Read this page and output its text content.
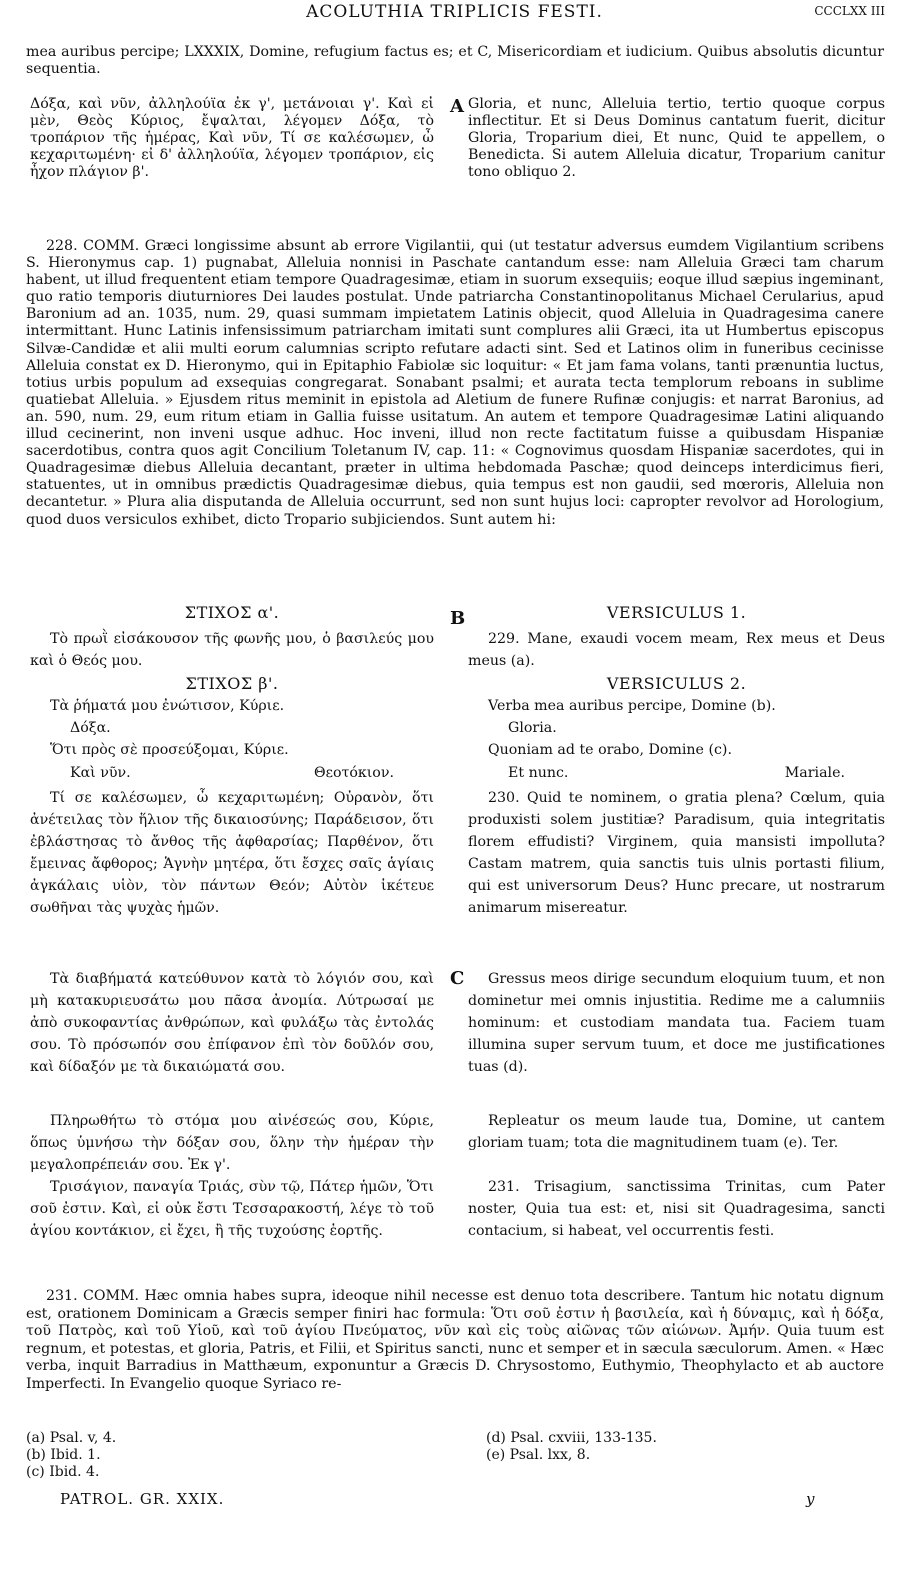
ACOLUTHIA TRIPLICIS FESTI.	CCCLXX III
mea auribus percipe; LXXXIX, Domine, refugium factus es; et C, Misericordiam et iudicium. Quibus absolutis dicuntur sequentia.
A
Δόξα, καὶ νῦν, ἀλληλούϊα ἐκ γ', μετάνοιαι γ'. Καὶ εἰ μὲν, Θεὸς Κύριος, ἔψαλται, λέγομεν Δόξα, τὸ τροπάριον τῆς ἡμέρας, Καὶ νῦν, Τί σε καλέσωμεν, ὦ κεχαριτωμένη· εἰ δ' ἀλληλούϊα, λέγομεν τροπάριον, εἰς ἦχον πλάγιον β'.
Gloria, et nunc, Alleluia tertio, tertio quoque corpus inflectitur. Et si Deus Dominus cantatum fuerit, dicitur Gloria, Troparium diei, Et nunc, Quid te appellem, o Benedicta. Si autem Alleluia dicatur, Troparium canitur tono obliquo 2.
228. COMM. Græci longissime absunt ab errore Vigilantii, qui (ut testatur adversus eumdem Vigilantium scribens S. Hieronymus cap. 1) pugnabat, Alleluia nonnisi in Paschate cantandum esse: nam Alleluia Græci tam charum habent, ut illud frequentent etiam tempore Quadragesimæ, etiam in suorum exsequiis; eoque illud sæpius ingeminant, quo ratio temporis diuturniores Dei laudes postulat. Unde patriarcha Constantinopolitanus Michael Cerularius, apud Baronium ad an. 1035, num. 29, quasi summam impietatem Latinis objecit, quod Alleluia in Quadragesima canere intermittant. Hunc Latinis infensissimum patriarcham imitati sunt complures alii Græci, ita ut Humbertus episcopus Silvæ-Candidæ et alii multi eorum calumnias scripto refutare adacti sint. Sed et Latinos olim in funeribus cecinisse Alleluia constat ex D. Hieronymo, qui in Epitaphio Fabiolæ sic loquitur: « Et jam fama volans, tanti prænuntia luctus, totius urbis populum ad exsequias congregarat. Sonabant psalmi; et aurata tecta templorum reboans in sublime quatiebat Alleluia. » Ejusdem ritus meminit in epistola ad Aletium de funere Rufinæ conjugis: et narrat Baronius, ad an. 590, num. 29, eum ritum etiam in Gallia fuisse usitatum. An autem et tempore Quadragesimæ Latini aliquando illud cecinerint, non inveni usque adhuc. Hoc inveni, illud non recte factitatum fuisse a quibusdam Hispaniæ sacerdotibus, contra quos agit Concilium Toletanum IV, cap. 11: « Cognovimus quosdam Hispaniæ sacerdotes, qui in Quadragesimæ diebus Alleluia decantant, præter in ultima hebdomada Paschæ; quod deinceps interdicimus fieri, statuentes, ut in omnibus prædictis Quadragesimæ diebus, quia tempus est non gaudii, sed mœroris, Alleluia non decantetur. » Plura alia disputanda de Alleluia occurrunt, sed non sunt hujus loci: capropter revolvor ad Horologium, quod duos versiculos exhibet, dicto Tropario subjiciendos. Sunt autem hi:
B
ΣΤΙΧΟΣ α'.
Τὸ πρωῒ εἰσάκουσον τῆς φωνῆς μου, ὁ βασιλεύς μου καὶ ὁ Θεός μου.
ΣΤΙΧΟΣ β'.
Τὰ ῥήματά μου ἐνώτισον, Κύριε.
Δόξα.
Ὅτι πρὸς σὲ προσεύξομαι, Κύριε.
Καὶ νῦν.	Θεοτόκιον.
Τί σε καλέσωμεν, ὦ κεχαριτωμένη; Οὐρανὸν, ὅτι ἀνέτειλας τὸν ἥλιον τῆς δικαιοσύνης; Παράδεισον, ὅτι ἐβλάστησας τὸ ἄνθος τῆς ἀφθαρσίας; Παρθένον, ὅτι ἔμεινας ἄφθορος; Ἁγνὴν μητέρα, ὅτι ἔσχες σαῖς ἁγίαις ἀγκάλαις υἱὸν, τὸν πάντων Θεόν; Αὐτὸν ἱκέτευε σωθῆναι τὰς ψυχὰς ἡμῶν.
VERSICULUS 1.
229. Mane, exaudi vocem meam, Rex meus et Deus meus (a).
VERSICULUS 2.
Verba mea auribus percipe, Domine (b).
Gloria.
Quoniam ad te orabo, Domine (c).
Et nunc.	Mariale.
230. Quid te nominem, o gratia plena? Cœlum, quia produxisti solem justitiæ? Paradisum, quia integritatis florem effudisti? Virginem, quia mansisti impolluta? Castam matrem, quia sanctis tuis ulnis portasti filium, qui est universorum Deus? Hunc precare, ut nostrarum animarum misereatur.
C
Τὰ διαβήματά κατεύθυνον κατὰ τὸ λόγιόν σου, καὶ μὴ κατακυριευσάτω μου πᾶσα ἀνομία. Λύτρωσαί με ἀπὸ συκοφαντίας ἀνθρώπων, καὶ φυλάξω τὰς ἐντολάς σου. Τὸ πρόσωπόν σου ἐπίφανον ἐπὶ τὸν δοῦλόν σου, καὶ δίδαξόν με τὰ δικαιώματά σου.
Gressus meos dirige secundum eloquium tuum, et non dominetur mei omnis injustitia. Redime me a calumniis hominum: et custodiam mandata tua. Faciem tuam illumina super servum tuum, et doce me justificationes tuas (d).
Πληρωθήτω τὸ στόμα μου αἰνέσεώς σου, Κύριε, ὅπως ὑμνήσω τὴν δόξαν σου, ὅλην τὴν ἡμέραν τὴν μεγαλοπρέπειάν σου. Ἐκ γ'.
Repleatur os meum laude tua, Domine, ut cantem gloriam tuam; tota die magnitudinem tuam (e). Ter.
Τρισάγιον, παναγία Τριάς, σὺν τῷ, Πάτερ ἡμῶν, Ὅτι σοῦ ἐστιν. Καὶ, εἰ οὐκ ἔστι Τεσσαρακοστή, λέγε τὸ τοῦ ἁγίου κοντάκιον, εἰ ἔχει, ἢ τῆς τυχούσης ἑορτῆς.
231. Trisagium, sanctissima Trinitas, cum Pater noster, Quia tua est: et, nisi sit Quadragesima, sancti contacium, si habeat, vel occurrentis festi.
231. COMM. Hæc omnia habes supra, ideoque nihil necesse est denuo tota describere. Tantum hic notatu dignum est, orationem Dominicam a Græcis semper finiri hac formula: Ὅτι σοῦ ἐστιν ἡ βασιλεία, καὶ ἡ δύναμις, καὶ ἡ δόξα, τοῦ Πατρὸς, καὶ τοῦ Υἱοῦ, καὶ τοῦ ἁγίου Πνεύματος, νῦν καὶ εἰς τοὺς αἰῶνας τῶν αἰώνων. Ἀμήν. Quia tuum est regnum, et potestas, et gloria, Patris, et Filii, et Spiritus sancti, nunc et semper et in sæcula sæculorum. Amen. « Hæc verba, inquit Barradius in Matthæum, exponuntur a Græcis D. Chrysostomo, Euthymio, Theophylacto et ab auctore Imperfecti. In Evangelio quoque Syriaco re-
(a) Psal. v, 4.
(b) Ibid. 1.
(c) Ibid. 4.
(d) Psal. cxviii, 133-135.
(e) Psal. lxx, 8.
PATROL. GR. XXIX.	y
